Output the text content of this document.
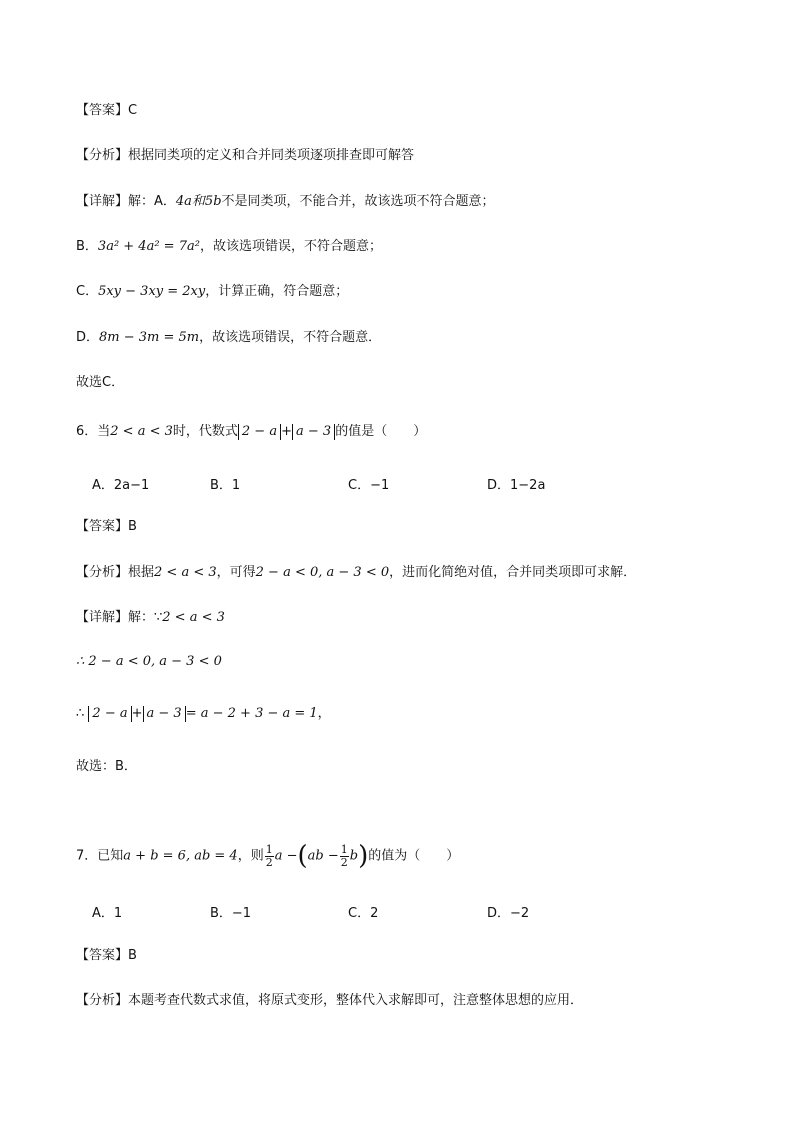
【答案】C
【分析】根据同类项的定义和合并同类项逐项排查即可解答
【详解】解：A．4a和5b不是同类项，不能合并，故该选项不符合题意；
B．3a² + 4a² = 7a²，故该选项错误，不符合题意；
C．5xy − 3xy = 2xy，计算正确，符合题意；
D．8m − 3m = 5m，故该选项错误，不符合题意．
故选C．
6．当2 < a < 3时，代数式 2 − a + a − 3 的值是（　　）
A．2a−1	B．1	C．−1	D．1−2a
【答案】B
【分析】根据2 < a < 3，可得2 − a < 0, a − 3 < 0，进而化简绝对值，合并同类项即可求解．
【详解】解：∵2 < a < 3
∴ 2 − a < 0, a − 3 < 0
∴ 2 − a + a − 3 = a − 2 + 3 − a = 1，
故选：B．
7．已知a + b = 6, ab = 4，则 $\frac{1}{2}$ $a -(ab - \frac{1}{2} b)$的值为（　　）
A．1	B．−1	C．2	D．−2
【答案】B
【分析】本题考查代数式求值，将原式变形，整体代入求解即可，注意整体思想的应用．
